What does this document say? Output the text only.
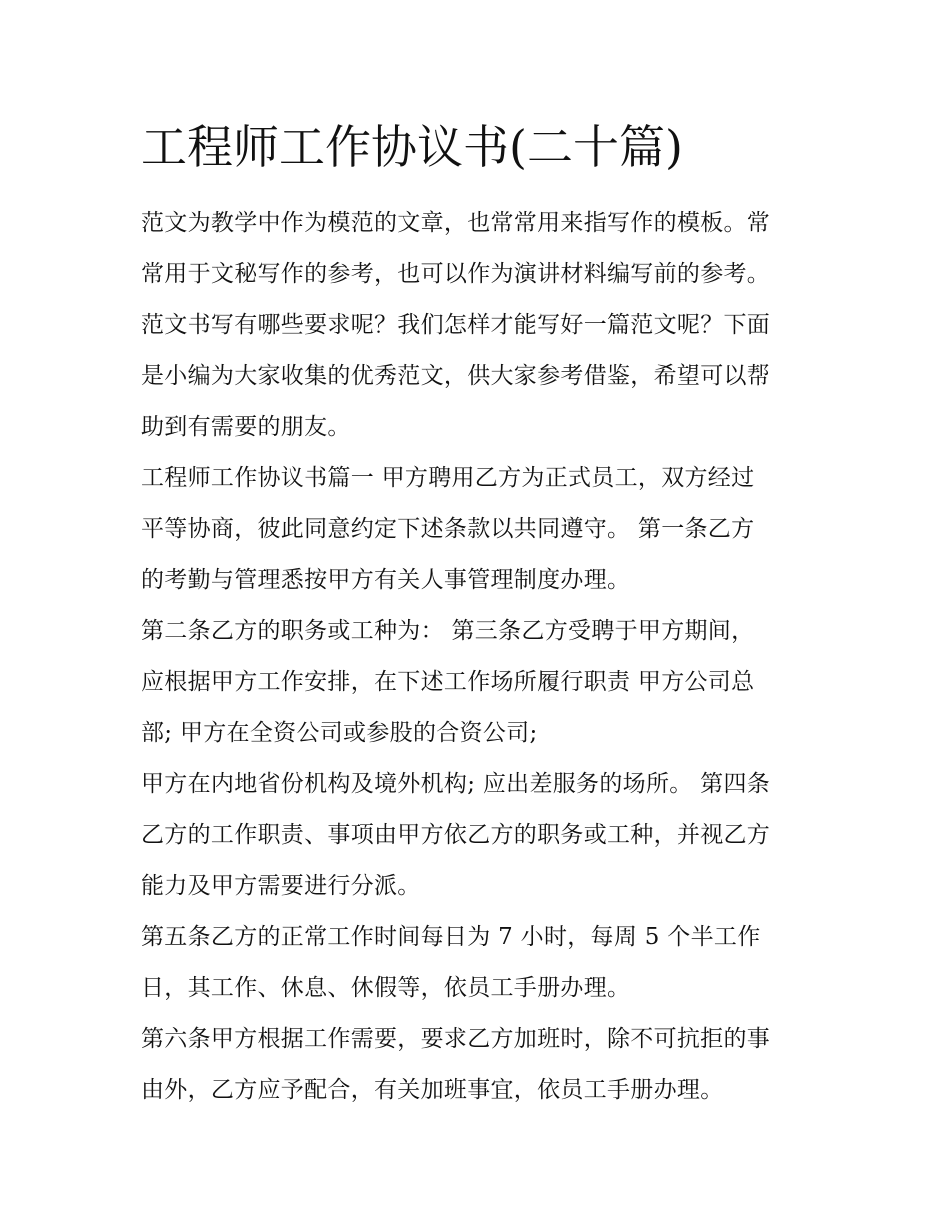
工程师工作协议书(二十篇)
范文为教学中作为模范的文章，也常常用来指写作的模板。常
常用于文秘写作的参考，也可以作为演讲材料编写前的参考。
范文书写有哪些要求呢？我们怎样才能写好一篇范文呢？下面
是小编为大家收集的优秀范文，供大家参考借鉴，希望可以帮
助到有需要的朋友。
工程师工作协议书篇一 甲方聘用乙方为正式员工，双方经过
平等协商，彼此同意约定下述条款以共同遵守。 第一条乙方
的考勤与管理悉按甲方有关人事管理制度办理。
第二条乙方的职务或工种为： 第三条乙方受聘于甲方期间，
应根据甲方工作安排，在下述工作场所履行职责 甲方公司总
部; 甲方在全资公司或参股的合资公司;
甲方在内地省份机构及境外机构; 应出差服务的场所。 第四条
乙方的工作职责、事项由甲方依乙方的职务或工种，并视乙方
能力及甲方需要进行分派。
第五条乙方的正常工作时间每日为 7 小时，每周 5 个半工作
日，其工作、休息、休假等，依员工手册办理。
第六条甲方根据工作需要，要求乙方加班时，除不可抗拒的事
由外，乙方应予配合，有关加班事宜，依员工手册办理。
